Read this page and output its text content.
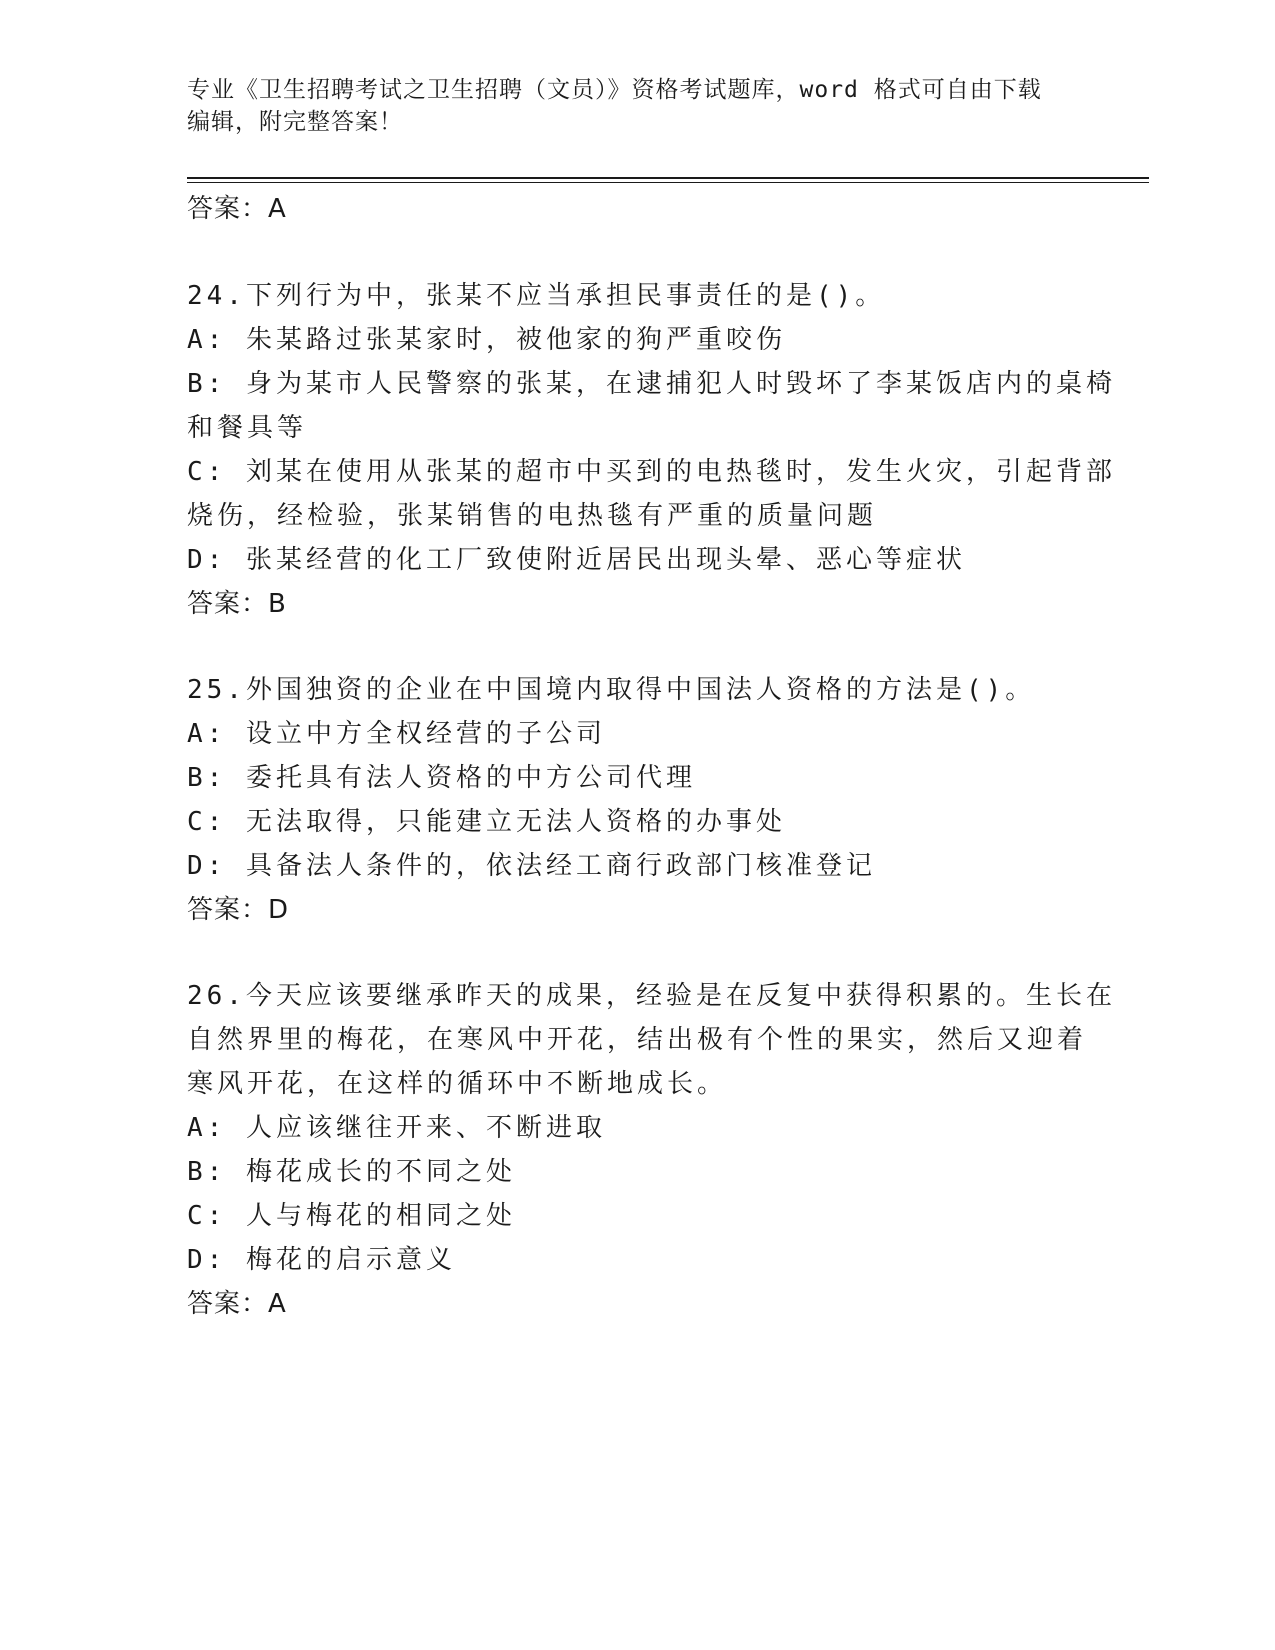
专业《卫生招聘考试之卫生招聘（文员）》资格考试题库，word 格式可自由下载
编辑，附完整答案！
答案：A
24.下列行为中，张某不应当承担民事责任的是()。
A: 朱某路过张某家时，被他家的狗严重咬伤
B: 身为某市人民警察的张某，在逮捕犯人时毁坏了李某饭店内的桌椅
和餐具等
C: 刘某在使用从张某的超市中买到的电热毯时，发生火灾，引起背部
烧伤，经检验，张某销售的电热毯有严重的质量问题
D: 张某经营的化工厂致使附近居民出现头晕、恶心等症状
答案：B
25.外国独资的企业在中国境内取得中国法人资格的方法是()。
A: 设立中方全权经营的子公司
B: 委托具有法人资格的中方公司代理
C: 无法取得，只能建立无法人资格的办事处
D: 具备法人条件的，依法经工商行政部门核准登记
答案：D
26.今天应该要继承昨天的成果，经验是在反复中获得积累的。生长在
自然界里的梅花，在寒风中开花，结出极有个性的果实，然后又迎着
寒风开花，在这样的循环中不断地成长。
A: 人应该继往开来、不断进取
B: 梅花成长的不同之处
C: 人与梅花的相同之处
D: 梅花的启示意义
答案：A
